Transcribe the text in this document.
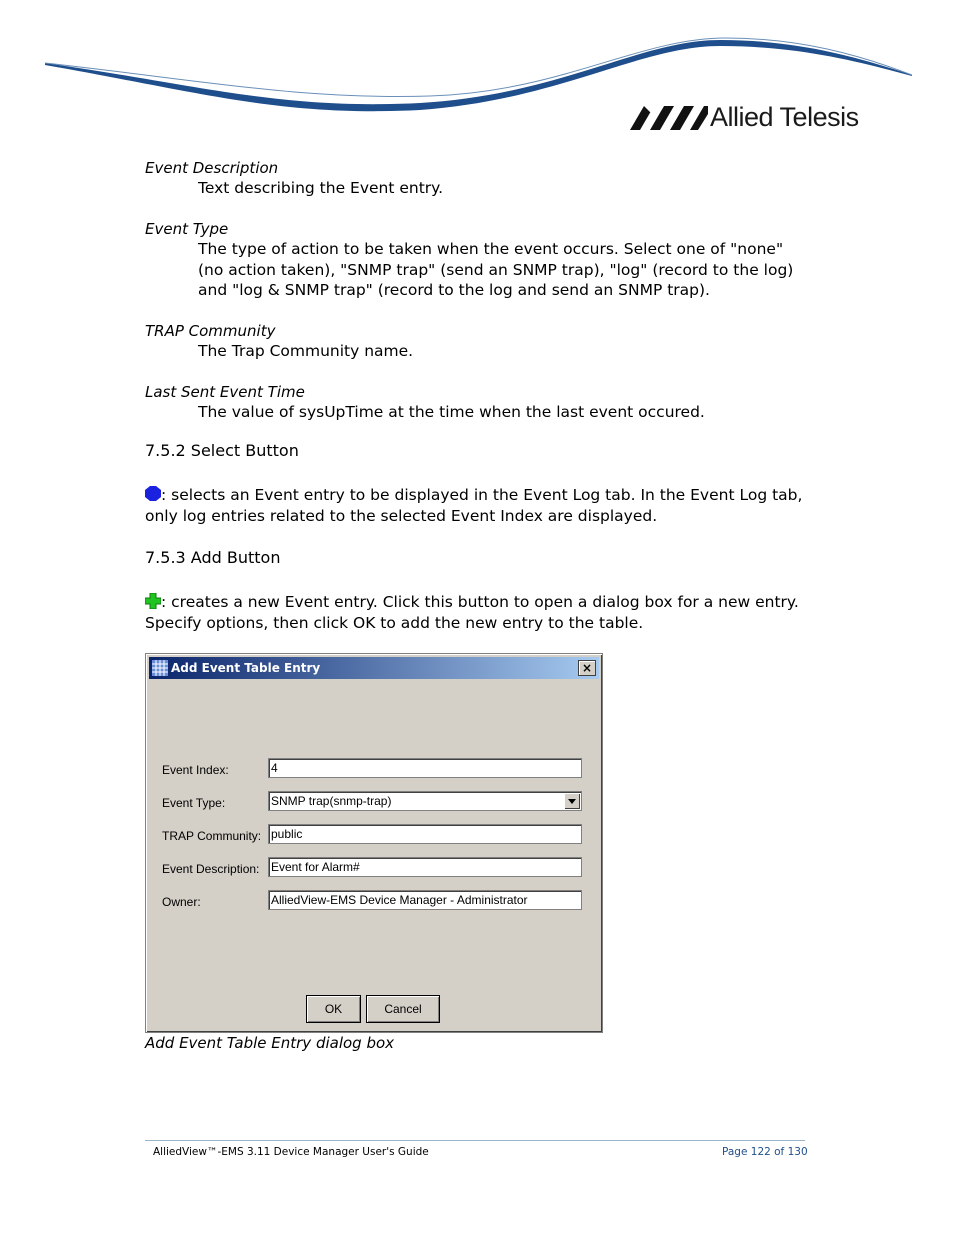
Allied Telesis
Event Description
Text describing the Event entry.
Event Type
The type of action to be taken when the event occurs. Select one of "none" (no action taken), "SNMP trap" (send an SNMP trap), "log" (record to the log) and "log & SNMP trap" (record to the log and send an SNMP trap).
TRAP Community
The Trap Community name.
Last Sent Event Time
The value of sysUpTime at the time when the last event occured.
7.5.2 Select Button
: selects an Event entry to be displayed in the Event Log tab. In the Event Log tab, only log entries related to the selected Event Index are displayed.
7.5.3 Add Button
: creates a new Event entry. Click this button to open a dialog box for a new entry. Specify options, then click OK to add the new entry to the table.
Add Event Table Entry	×
Event Index:	4
Event Type:	SNMP trap(snmp-trap)
TRAP Community: public
Event Description: Event for Alarm#
Owner:	AlliedView-EMS Device Manager - Administrator
OK	Cancel
Add Event Table Entry dialog box
AlliedView™-EMS 3.11 Device Manager User's Guide	Page 122 of 130
